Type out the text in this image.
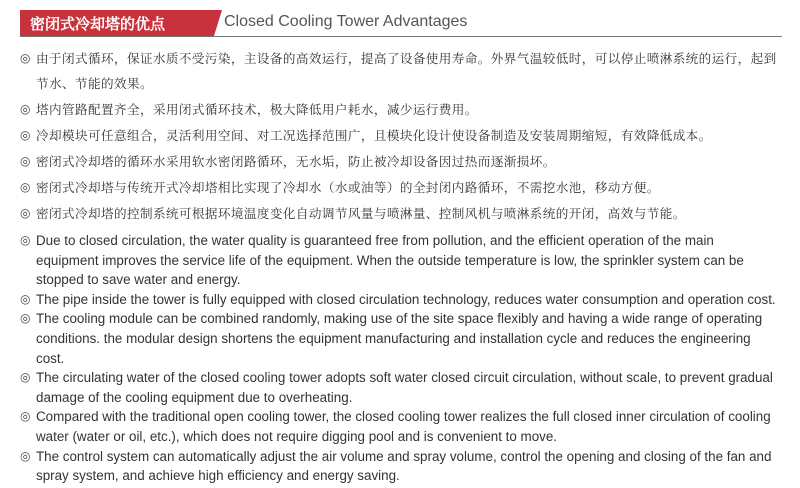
密闭式冷却塔的优点	Closed Cooling Tower Advantages
◎ 由于闭式循环，保证水质不受污染，主设备的高效运行，提高了设备使用寿命。外界气温较低时，可以停止喷淋系统的运行，起到节水、节能的效果。
◎ 塔内管路配置齐全，采用闭式循环技术，极大降低用户耗水，减少运行费用。
◎ 冷却模块可任意组合，灵活利用空间、对工况选择范围广，且模块化设计使设备制造及安装周期缩短，有效降低成本。
◎ 密闭式冷却塔的循环水采用软水密闭路循环，无水垢，防止被冷却设备因过热而逐渐损坏。
◎ 密闭式冷却塔与传统开式冷却塔相比实现了冷却水（水或油等）的全封闭内路循环，不需挖水池，移动方便。
◎ 密闭式冷却塔的控制系统可根据环境温度变化自动调节风量与喷淋量、控制风机与喷淋系统的开闭，高效与节能。
◎ Due to closed circulation, the water quality is guaranteed free from pollution, and the efficient operation of the main equipment improves the service life of the equipment. When the outside temperature is low, the sprinkler system can be stopped to save water and energy.
◎ The pipe inside the tower is fully equipped with closed circulation technology, reduces water consumption and operation cost.
◎ The cooling module can be combined randomly, making use of the site space flexibly and having a wide range of operating conditions. the modular design shortens the equipment manufacturing and installation cycle and reduces the engineering cost.
◎ The circulating water of the closed cooling tower adopts soft water closed circuit circulation, without scale, to prevent gradual damage of the cooling equipment due to overheating.
◎ Compared with the traditional open cooling tower, the closed cooling tower realizes the full closed inner circulation of cooling water (water or oil, etc.), which does not require digging pool and is convenient to move.
◎ The control system can automatically adjust the air volume and spray volume, control the opening and closing of the fan and spray system, and achieve high efficiency and energy saving.
